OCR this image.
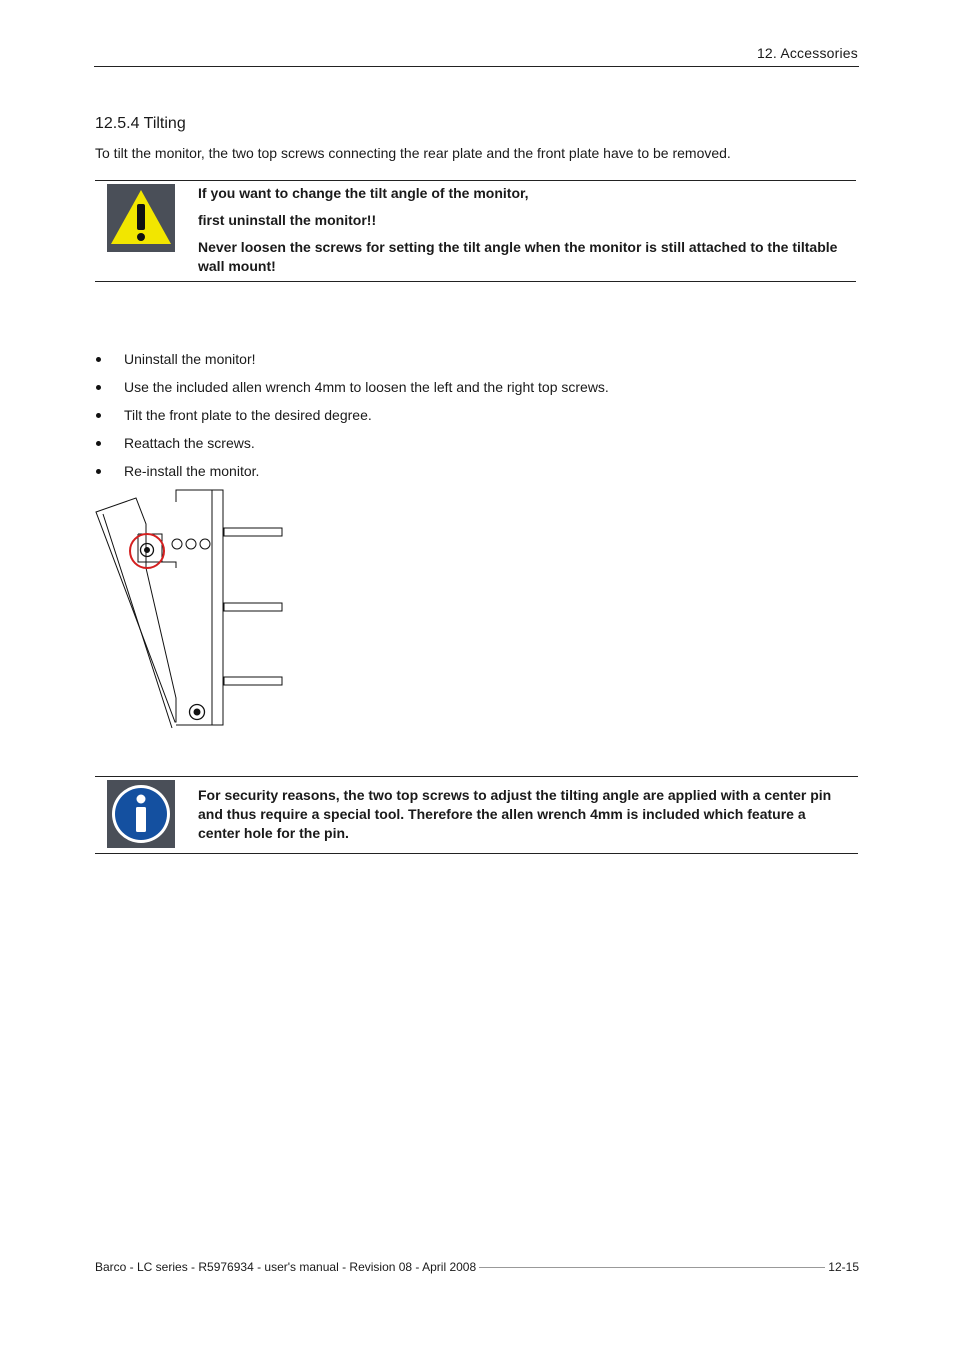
12. Accessories
12.5.4 Tilting
To tilt the monitor, the two top screws connecting the rear plate and the front plate have to be removed.

If you want to change the tilt angle of the monitor,

first uninstall the monitor!!

Never loosen the screws for setting the tilt angle when the monitor is still attached to the tiltable wall mount!

Uninstall the monitor!
Use the included allen wrench 4mm to loosen the left and the right top screws.
Tilt the front plate to the desired degree.
Reattach the screws.
Re-install the monitor.
For security reasons, the two top screws to adjust the tilting angle are applied with a center pin and thus require a special tool. Therefore the allen wrench 4mm is included which feature a center hole for the pin.
Barco - LC series - R5976934 - user's manual - Revision 08 - April 2008	12-15
